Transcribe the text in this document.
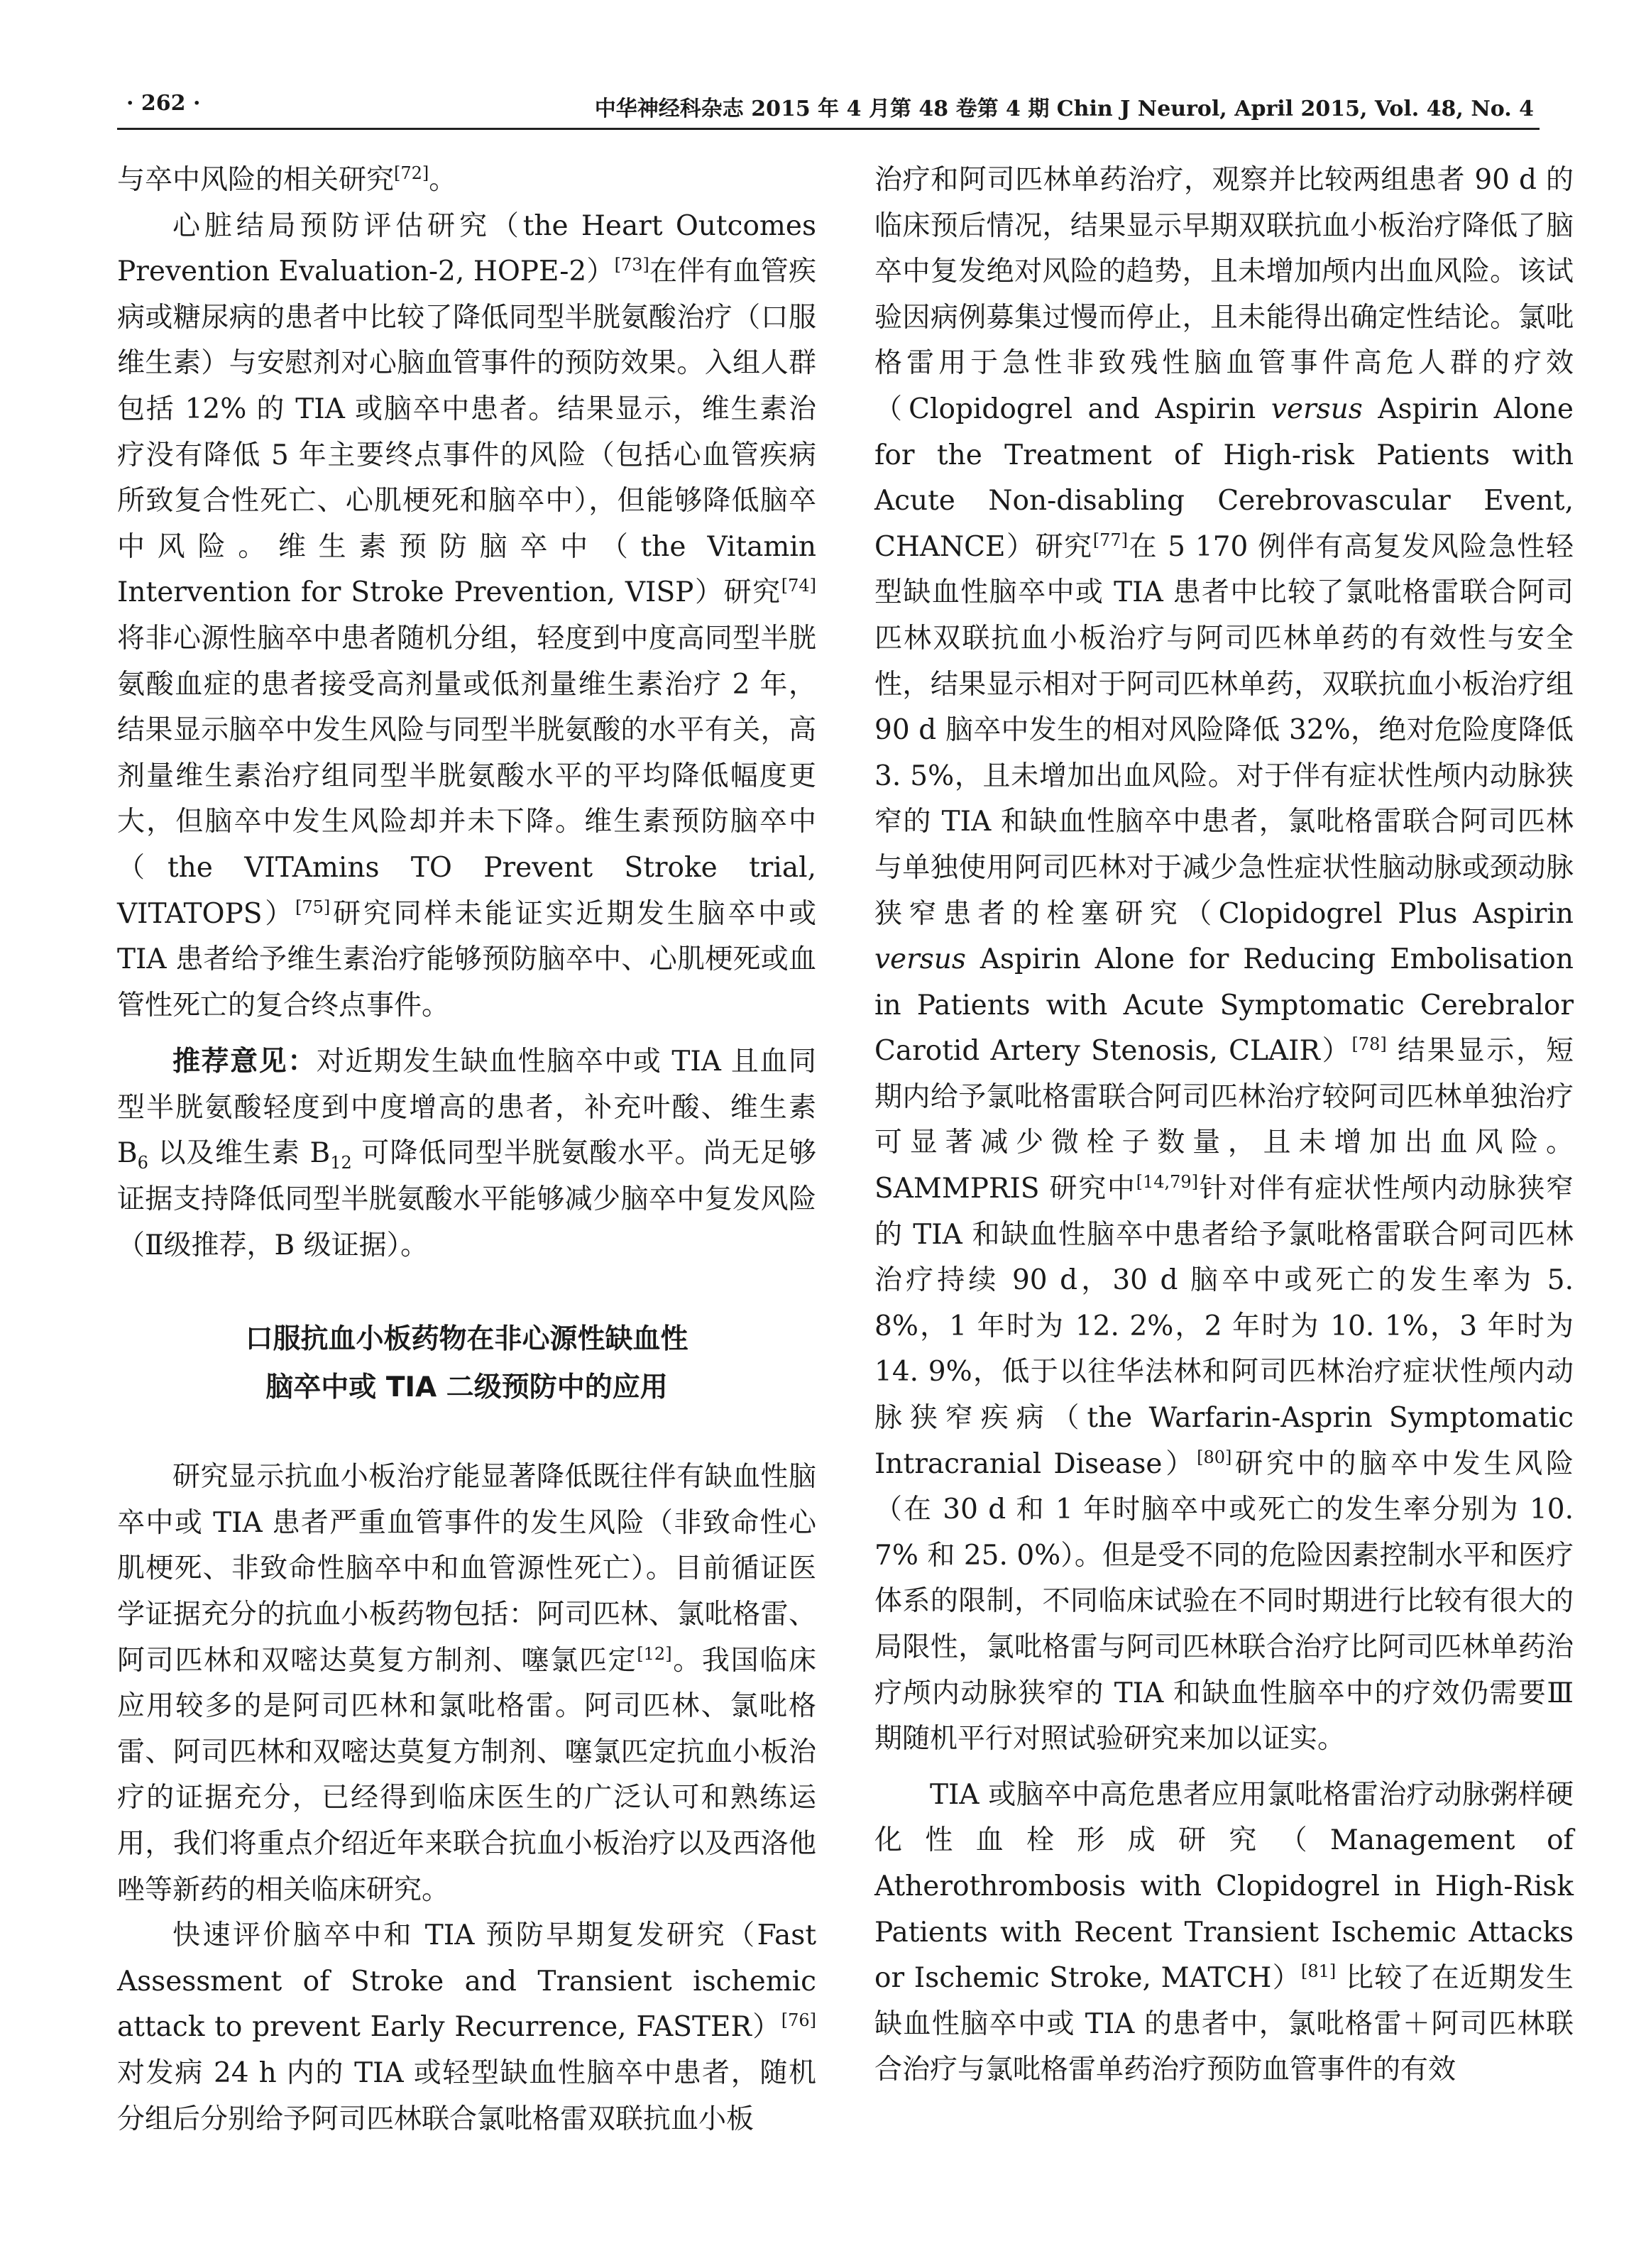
· 262 ·	中华神经科杂志 2015 年 4 月第 48 卷第 4 期 Chin J Neurol, April 2015, Vol. 48, No. 4

与卒中风险的相关研究[72]。

心脏结局预防评估研究（the Heart Outcomes Prevention Evaluation-2, HOPE-2）[73]在伴有血管疾病或糖尿病的患者中比较了降低同型半胱氨酸治疗（口服维生素）与安慰剂对心脑血管事件的预防效果。入组人群包括 12% 的 TIA 或脑卒中患者。结果显示，维生素治疗没有降低 5 年主要终点事件的风险（包括心血管疾病所致复合性死亡、心肌梗死和脑卒中），但能够降低脑卒中风险。维生素预防脑卒中（the Vitamin Intervention for Stroke Prevention, VISP）研究[74]将非心源性脑卒中患者随机分组，轻度到中度高同型半胱氨酸血症的患者接受高剂量或低剂量维生素治疗 2 年，结果显示脑卒中发生风险与同型半胱氨酸的水平有关，高剂量维生素治疗组同型半胱氨酸水平的平均降低幅度更大，但脑卒中发生风险却并未下降。维生素预防脑卒中（the VITAmins TO Prevent Stroke trial, VITATOPS）[75]研究同样未能证实近期发生脑卒中或 TIA 患者给予维生素治疗能够预防脑卒中、心肌梗死或血管性死亡的复合终点事件。

推荐意见：对近期发生缺血性脑卒中或 TIA 且血同型半胱氨酸轻度到中度增高的患者，补充叶酸、维生素 $B_6$ 以及维生素 $B_{12}$ 可降低同型半胱氨酸水平。尚无足够证据支持降低同型半胱氨酸水平能够减少脑卒中复发风险（Ⅱ级推荐，B 级证据）。

口服抗血小板药物在非心源性缺血性
脑卒中或 TIA 二级预防中的应用

研究显示抗血小板治疗能显著降低既往伴有缺血性脑卒中或 TIA 患者严重血管事件的发生风险（非致命性心肌梗死、非致命性脑卒中和血管源性死亡）。目前循证医学证据充分的抗血小板药物包括：阿司匹林、氯吡格雷、阿司匹林和双嘧达莫复方制剂、噻氯匹定[12]。我国临床应用较多的是阿司匹林和氯吡格雷。阿司匹林、氯吡格雷、阿司匹林和双嘧达莫复方制剂、噻氯匹定抗血小板治疗的证据充分，已经得到临床医生的广泛认可和熟练运用，我们将重点介绍近年来联合抗血小板治疗以及西洛他唑等新药的相关临床研究。

快速评价脑卒中和 TIA 预防早期复发研究（Fast Assessment of Stroke and Transient ischemic attack to prevent Early Recurrence, FASTER）[76]对发病 24 h 内的 TIA 或轻型缺血性脑卒中患者，随机分组后分别给予阿司匹林联合氯吡格雷双联抗血小板

治疗和阿司匹林单药治疗，观察并比较两组患者 90 d 的临床预后情况，结果显示早期双联抗血小板治疗降低了脑卒中复发绝对风险的趋势，且未增加颅内出血风险。该试验因病例募集过慢而停止，且未能得出确定性结论。氯吡格雷用于急性非致残性脑血管事件高危人群的疗效（Clopidogrel and Aspirin versus Aspirin Alone for the Treatment of High-risk Patients with Acute Non-disabling Cerebrovascular Event, CHANCE）研究[77]在 5 170 例伴有高复发风险急性轻型缺血性脑卒中或 TIA 患者中比较了氯吡格雷联合阿司匹林双联抗血小板治疗与阿司匹林单药的有效性与安全性，结果显示相对于阿司匹林单药，双联抗血小板治疗组 90 d 脑卒中发生的相对风险降低 32%，绝对危险度降低 3. 5%，且未增加出血风险。对于伴有症状性颅内动脉狭窄的 TIA 和缺血性脑卒中患者，氯吡格雷联合阿司匹林与单独使用阿司匹林对于减少急性症状性脑动脉或颈动脉狭窄患者的栓塞研究（Clopidogrel Plus Aspirin versus Aspirin Alone for Reducing Embolisation in Patients with Acute Symptomatic Cerebralor Carotid Artery Stenosis, CLAIR）[78] 结果显示，短期内给予氯吡格雷联合阿司匹林治疗较阿司匹林单独治疗可显著减少微栓子数量，且未增加出血风险。SAMMPRIS 研究中[14,79]针对伴有症状性颅内动脉狭窄的 TIA 和缺血性脑卒中患者给予氯吡格雷联合阿司匹林治疗持续 90 d，30 d 脑卒中或死亡的发生率为 5. 8%，1 年时为 12. 2%，2 年时为 10. 1%，3 年时为 14. 9%，低于以往华法林和阿司匹林治疗症状性颅内动脉狭窄疾病（the Warfarin-Asprin Symptomatic Intracranial Disease）[80]研究中的脑卒中发生风险（在 30 d 和 1 年时脑卒中或死亡的发生率分别为 10. 7% 和 25. 0%）。但是受不同的危险因素控制水平和医疗体系的限制，不同临床试验在不同时期进行比较有很大的局限性，氯吡格雷与阿司匹林联合治疗比阿司匹林单药治疗颅内动脉狭窄的 TIA 和缺血性脑卒中的疗效仍需要Ⅲ期随机平行对照试验研究来加以证实。

TIA 或脑卒中高危患者应用氯吡格雷治疗动脉粥样硬化性血栓形成研究（Management of Atherothrombosis with Clopidogrel in High-Risk Patients with Recent Transient Ischemic Attacks or Ischemic Stroke, MATCH）[81] 比较了在近期发生缺血性脑卒中或 TIA 的患者中，氯吡格雷＋阿司匹林联合治疗与氯吡格雷单药治疗预防血管事件的有效
